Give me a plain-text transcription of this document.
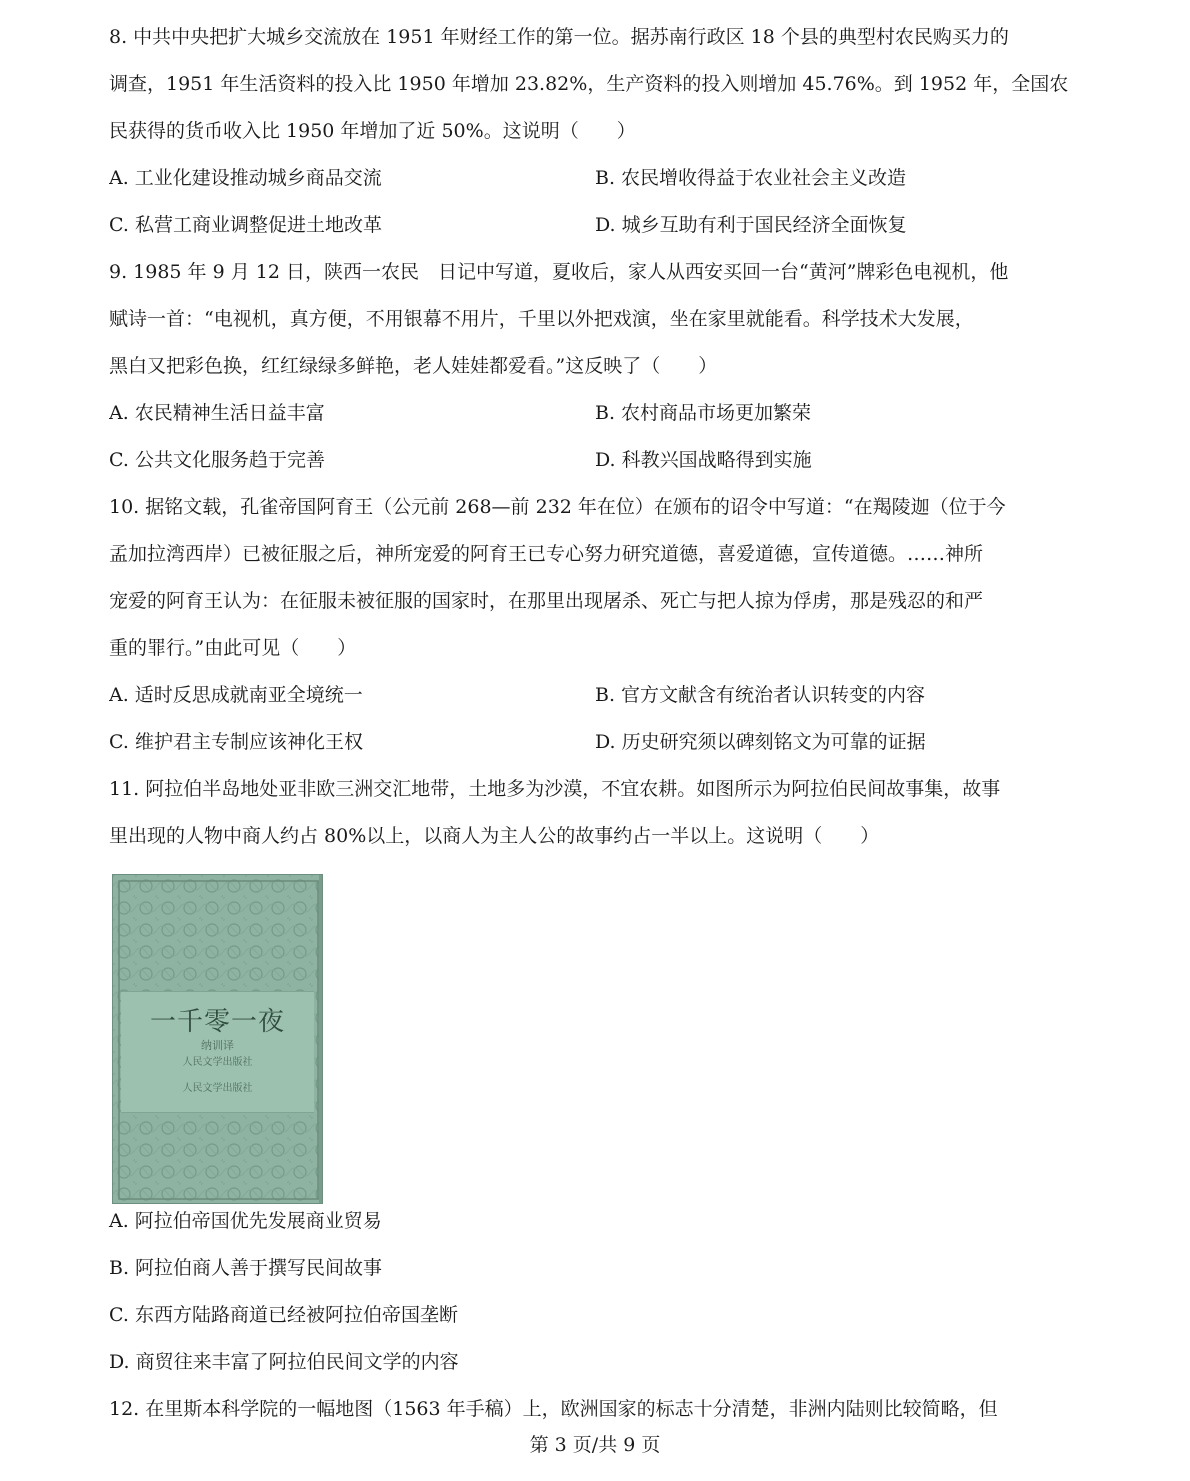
8. 中共中央把扩大城乡交流放在 1951 年财经工作的第一位。据苏南行政区 18 个县的典型村农民购买力的
调查，1951 年生活资料的投入比 1950 年增加 23.82%，生产资料的投入则增加 45.76%。到 1952 年，全国农
民获得的货币收入比 1950 年增加了近 50%。这说明（　　）
A. 工业化建设推动城乡商品交流	B. 农民增收得益于农业社会主义改造
C. 私营工商业调整促进土地改革	D. 城乡互助有利于国民经济全面恢复
9. 1985 年 9 月 12 日，陕西一农民　日记中写道，夏收后，家人从西安买回一台“黄河”牌彩色电视机，他
赋诗一首：“电视机，真方便，不用银幕不用片，千里以外把戏演，坐在家里就能看。科学技术大发展，
黑白又把彩色换，红红绿绿多鲜艳，老人娃娃都爱看。”这反映了（　　）
A. 农民精神生活日益丰富	B. 农村商品市场更加繁荣
C. 公共文化服务趋于完善	D. 科教兴国战略得到实施
10. 据铭文载，孔雀帝国阿育王（公元前 268—前 232 年在位）在颁布的诏令中写道：“在羯陵迦（位于今
孟加拉湾西岸）已被征服之后，神所宠爱的阿育王已专心努力研究道德，喜爱道德，宣传道德。……神所
宠爱的阿育王认为：在征服未被征服的国家时，在那里出现屠杀、死亡与把人掠为俘虏，那是残忍的和严
重的罪行。”由此可见（　　）
A. 适时反思成就南亚全境统一	B. 官方文献含有统治者认识转变的内容
C. 维护君主专制应该神化王权	D. 历史研究须以碑刻铭文为可靠的证据
11. 阿拉伯半岛地处亚非欧三洲交汇地带，土地多为沙漠，不宜农耕。如图所示为阿拉伯民间故事集，故事
里出现的人物中商人约占 80%以上，以商人为主人公的故事约占一半以上。这说明（　　）
一千零一夜
纳训译
人民文学出版社
人民文学出版社
A. 阿拉伯帝国优先发展商业贸易
B. 阿拉伯商人善于撰写民间故事
C. 东西方陆路商道已经被阿拉伯帝国垄断
D. 商贸往来丰富了阿拉伯民间文学的内容
12. 在里斯本科学院的一幅地图（1563 年手稿）上，欧洲国家的标志十分清楚，非洲内陆则比较简略，但
第 3 页/共 9 页
